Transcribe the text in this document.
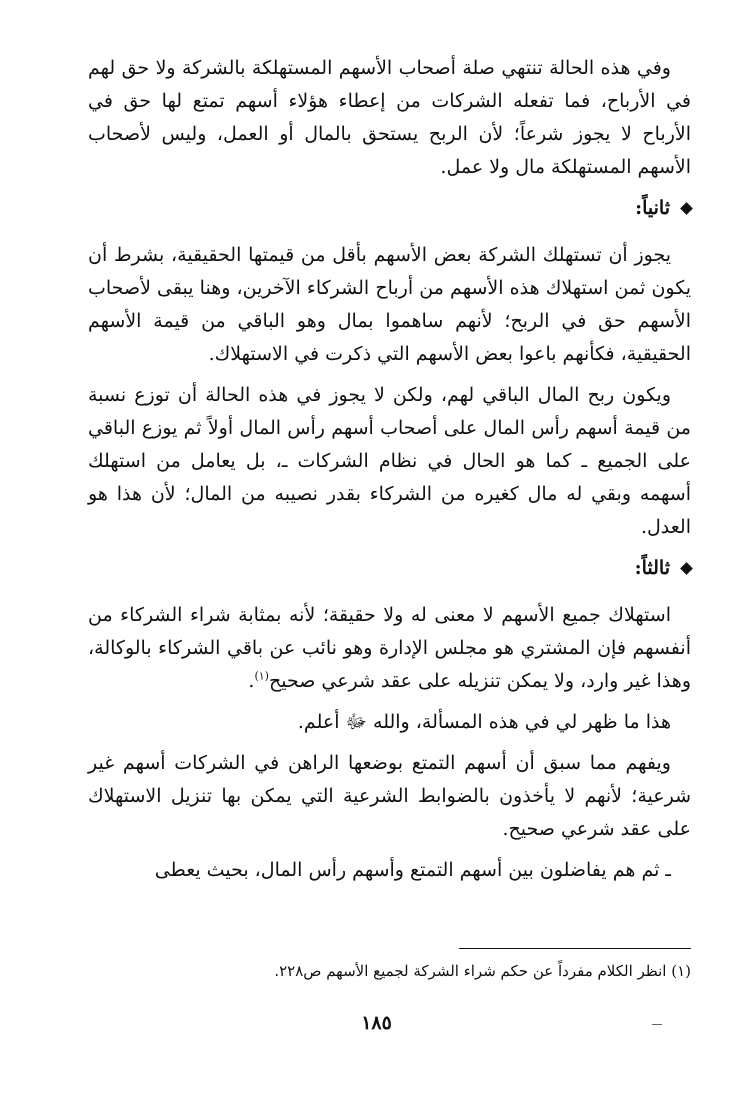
وفي هذه الحالة تنتهي صلة أصحاب الأسهم المستهلكة بالشركة ولا حق لهم في الأرباح، فما تفعله الشركات من إعطاء هؤلاء أسهم تمتع لها حق في الأرباح لا يجوز شرعاً؛ لأن الربح يستحق بالمال أو العمل، وليس لأصحاب الأسهم المستهلكة مال ولا عمل.

ثانياً:

يجوز أن تستهلك الشركة بعض الأسهم بأقل من قيمتها الحقيقية، بشرط أن يكون ثمن استهلاك هذه الأسهم من أرباح الشركاء الآخرين، وهنا يبقى لأصحاب الأسهم حق في الربح؛ لأنهم ساهموا بمال وهو الباقي من قيمة الأسهم الحقيقية، فكأنهم باعوا بعض الأسهم التي ذكرت في الاستهلاك.

ويكون ربح المال الباقي لهم، ولكن لا يجوز في هذه الحالة أن توزع نسبة من قيمة أسهم رأس المال على أصحاب أسهم رأس المال أولاً ثم يوزع الباقي على الجميع ـ كما هو الحال في نظام الشركات ـ، بل يعامل من استهلك أسهمه وبقي له مال كغيره من الشركاء بقدر نصيبه من المال؛ لأن هذا هو العدل.

ثالثاً:

استهلاك جميع الأسهم لا معنى له ولا حقيقة؛ لأنه بمثابة شراء الشركاء من أنفسهم فإن المشتري هو مجلس الإدارة وهو نائب عن باقي الشركاء بالوكالة، وهذا غير وارد، ولا يمكن تنزيله على عقد شرعي صحيح$^{(١)}$.

هذا ما ظهر لي في هذه المسألة، والله ﷻ أعلم.

ويفهم مما سبق أن أسهم التمتع بوضعها الراهن في الشركات أسهم غير شرعية؛ لأنهم لا يأخذون بالضوابط الشرعية التي يمكن بها تنزيل الاستهلاك على عقد شرعي صحيح.

ـ ثم هم يفاضلون بين أسهم التمتع وأسهم رأس المال، بحيث يعطى

(١) انظر الكلام مفرداً عن حكم شراء الشركة لجميع الأسهم ص٢٢٨.
١٨٥
